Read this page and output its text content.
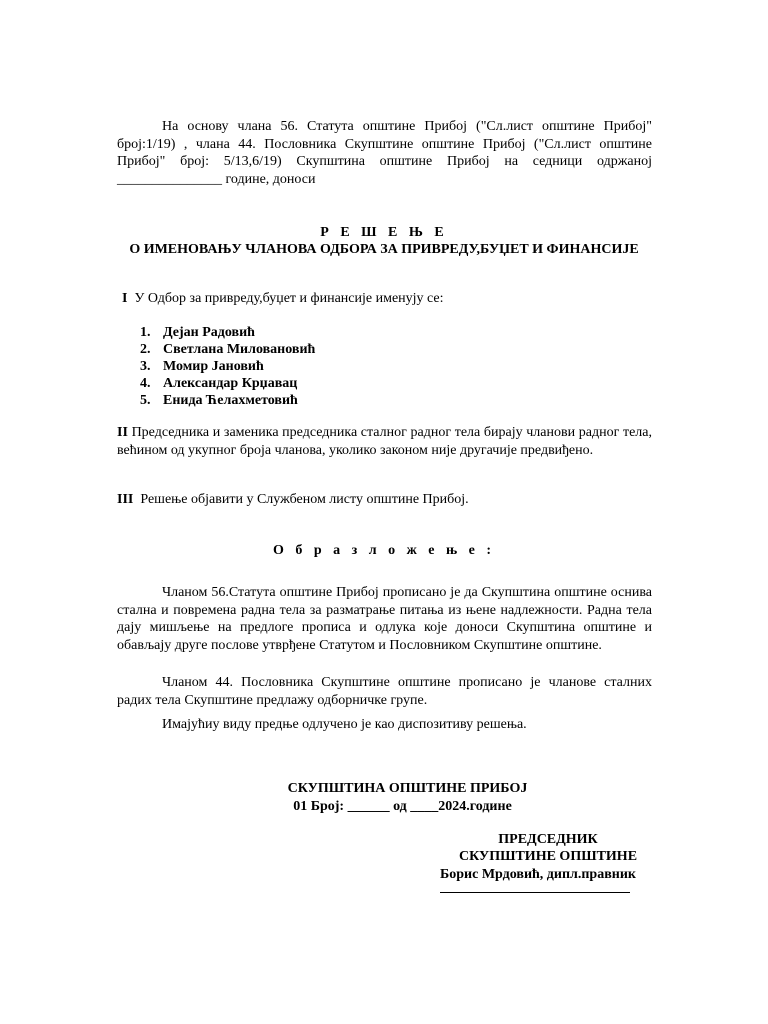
На основу члана 56. Статута општине Прибој ("Сл.лист општине Прибој" број:1/19) , члана 44. Пословника Скупштине општине Прибој ("Сл.лист општине Прибој" број: 5/13,6/19) Скупштина општине Прибој на седници одржаној _______________ године, доноси

Р Е Ш Е Њ Е
О ИМЕНОВАЊУ ЧЛАНОВА ОДБОРА ЗА ПРИВРЕДУ,БУЏЕТ И ФИНАНСИЈЕ

I У Одбор за привреду,буџет и финансије именују се:

1. Дејан Радовић
2. Светлана Миловановић
3. Момир Јановић
4. Александар Крџавац
5. Енида Ћелахметовић

II Председника и заменика председника сталног радног тела бирају чланови радног тела, већином од укупног броја чланова, уколико законом није другачије предвиђено.

III Решење објавити у Службеном листу општине Прибој.

О б р а з л о ж е њ е :

Чланом 56.Статута општине Прибој прописано је да Скупштина општине оснива стална и повремена радна тела за разматрање питања из њене надлежности. Радна тела дају мишљење на предлоге прописа и одлука које доноси Скупштина општине и обављају друге послове утврђене Статутом и Пословником Скупштине општине.

Чланом 44. Пословника Скупштине општине прописано је чланове сталних радих тела Скупштине предлажу одборничке групе.

Имајућиу виду предње одлучено је као диспозитиву решења.

СКУПШТИНА ОПШТИНЕ ПРИБОЈ
01 Број: ______ од ____2024.године
ПРЕДСЕДНИК
СКУПШТИНЕ ОПШТИНЕ
Борис Мрдовић, дипл.правник
